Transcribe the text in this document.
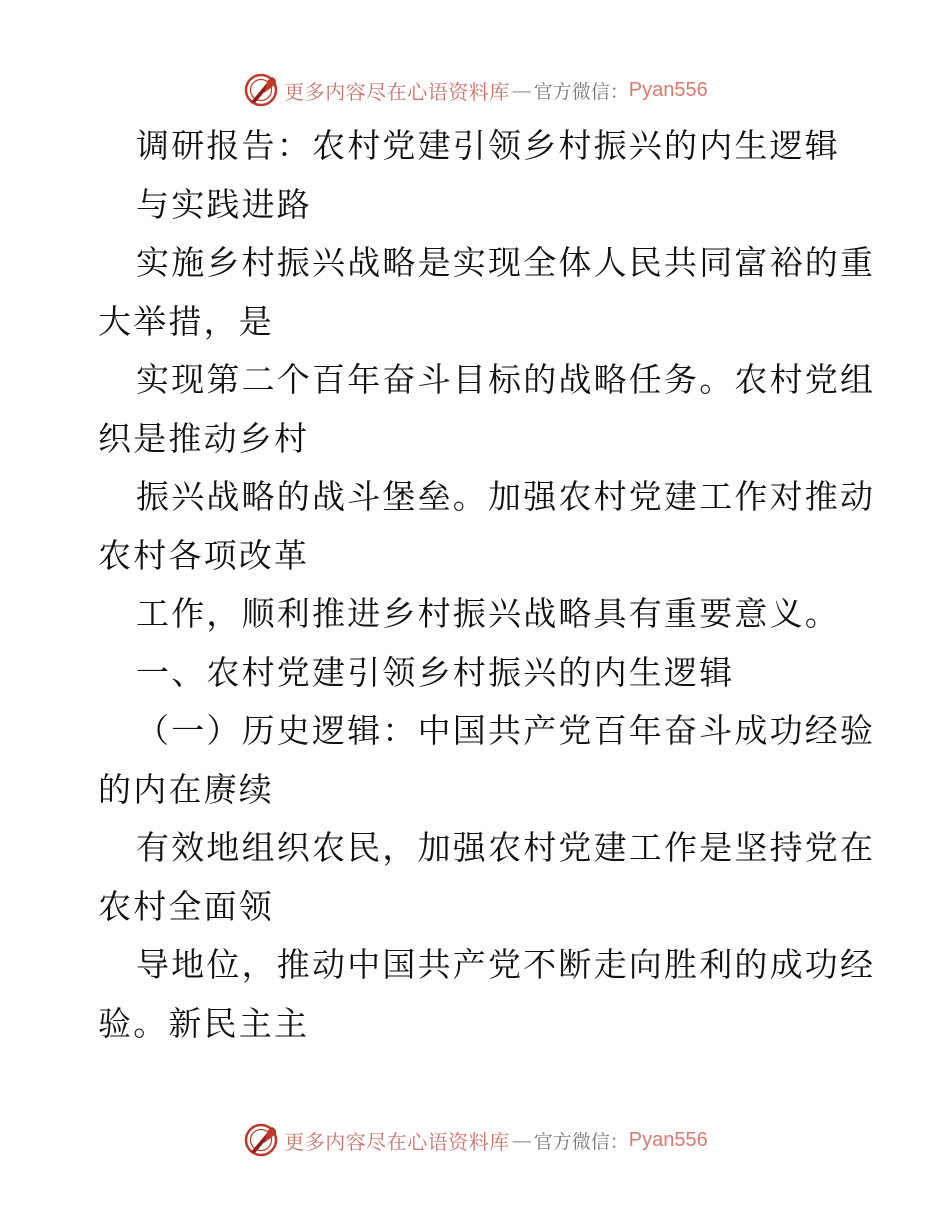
更多内容尽在心语资料库 — 官方微信： Pyan556
调研报告：农村党建引领乡村振兴的内生逻辑
与实践进路
实施乡村振兴战略是实现全体人民共同富裕的重
大举措，是
实现第二个百年奋斗目标的战略任务。农村党组
织是推动乡村
振兴战略的战斗堡垒。加强农村党建工作对推动
农村各项改革
工作，顺利推进乡村振兴战略具有重要意义。
一、农村党建引领乡村振兴的内生逻辑
（一）历史逻辑：中国共产党百年奋斗成功经验
的内在赓续
有效地组织农民，加强农村党建工作是坚持党在
农村全面领
导地位，推动中国共产党不断走向胜利的成功经
验。新民主主
更多内容尽在心语资料库 — 官方微信： Pyan556
